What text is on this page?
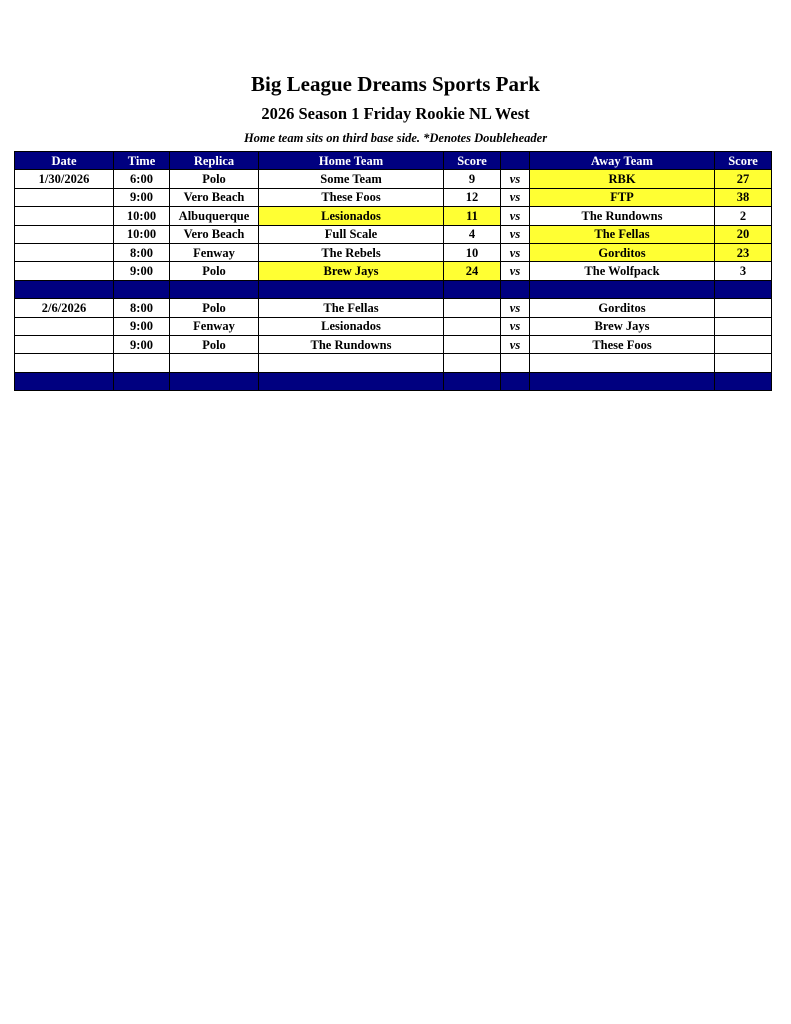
Big League Dreams Sports Park
2026 Season 1 Friday Rookie NL West
Home team sits on third base side. *Denotes Doubleheader
Date	Time	Replica	Home Team	Score		Away Team	Score
1/30/2026	6:00	Polo	Some Team	9	vs	RBK	27
	9:00	Vero Beach	These Foos	12	vs	FTP	38
	10:00	Albuquerque	Lesionados	11	vs	The Rundowns	2
	10:00	Vero Beach	Full Scale	4	vs	The Fellas	20
	8:00	Fenway	The Rebels	10	vs	Gorditos	23
	9:00	Polo	Brew Jays	24	vs	The Wolfpack	3

2/6/2026	8:00	Polo	The Fellas		vs	Gorditos	
	9:00	Fenway	Lesionados		vs	Brew Jays	
	9:00	Polo	The Rundowns		vs	These Foos	
